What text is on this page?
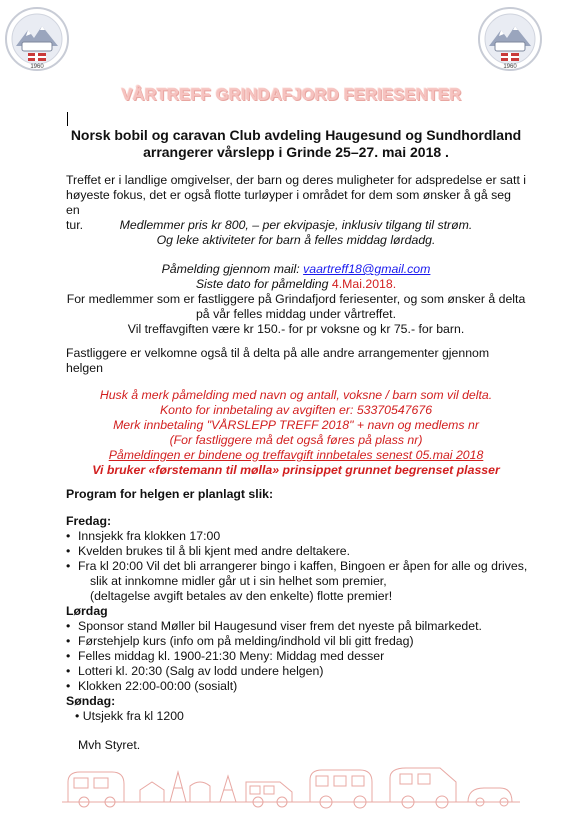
1960	1960
VÅRTREFF GRINDAFJORD FERIESENTER
Norsk bobil og caravan Club avdeling Haugesund og Sundhordland
arrangerer vårslepp i Grinde 25–27. mai 2018 .
Treffet er i landlige omgivelser, der barn og deres muligheter for adspredelse er satt i
høyeste fokus, det er også flotte turløyper i området for dem som ønsker å gå seg en
tur.	Medlemmer pris kr 800, – per ekvipasje, inklusiv tilgang til strøm.
Og leke aktiviteter for barn å felles middag lørdadg.
Påmelding gjennom mail: vaartreff18@gmail.com
Siste dato for påmelding 4.Mai.2018.
For medlemmer som er fastliggere på Grindafjord feriesenter, og som ønsker å delta
på vår felles middag under vårtreffet.
Vil treffavgiften være kr 150.- for pr voksne og kr 75.- for barn.
Fastliggere er velkomne også til å delta på alle andre arrangementer gjennom
helgen
Husk å merk påmelding med navn og antall, voksne / barn som vil delta.
Konto for innbetaling av avgiften er: 53370547676
Merk innbetaling "VÅRSLEPP TREFF 2018" + navn og medlems nr
(For fastliggere må det også føres på plass nr)
Påmeldingen er bindene og treffavgift innbetales senest 05.mai 2018
Vi bruker «førstemann til mølla» prinsippet grunnet begrenset plasser
Program for helgen er planlagt slik:
Fredag:
• Innsjekk fra klokken 17:00
• Kvelden brukes til å bli kjent med andre deltakere.
• Fra kl 20:00 Vil det bli arrangerer bingo i kaffen, Bingoen er åpen for alle og drives,
slik at innkomne midler går ut i sin helhet som premier,
(deltagelse avgift betales av den enkelte) flotte premier!
Lørdag
• Sponsor stand Møller bil Haugesund viser frem det nyeste på bilmarkedet.
• Førstehjelp kurs (info om på melding/indhold vil bli gitt fredag)
• Felles middag kl. 1900-21:30 Meny: Middag med desser
• Lotteri kl. 20:30 (Salg av lodd undere helgen)
• Klokken 22:00-00:00 (sosialt)
Søndag:
• Utsjekk fra kl 1200
Mvh Styret.
